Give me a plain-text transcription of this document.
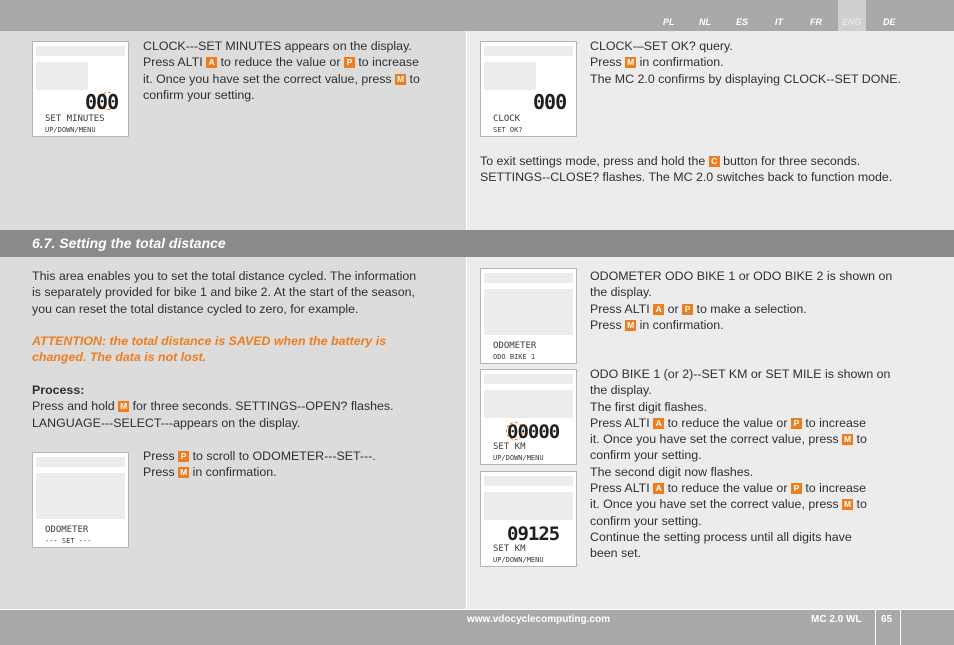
PL	NL	ES	IT	FR ENG DE
000
SET MINUTES
UP/DOWN/MENU
CLOCK---SET MINUTES appears on the display.
Press ALTI A to reduce the value or P to increase
it. Once you have set the correct value, press M to
confirm your setting.	000
CLOCK
SET OK?
CLOCK-–SET OK? query.
Press M in confirmation.
The MC 2.0 confirms by displaying CLOCK--SET DONE.
To exit settings mode, press and hold the C button for three seconds.
SETTINGS--CLOSE? flashes. The MC 2.0 switches back to function mode.
6.7. Setting the total distance
This area enables you to set the total distance cycled. The information
is separately provided for bike 1 and bike 2. At the start of the season,
you can reset the total distance cycled to zero, for example.
ATTENTION: the total distance is SAVED when the battery is
changed. The data is not lost.
Process:
Press and hold M for three seconds. SETTINGS--OPEN? flashes.
LANGUAGE---SELECT---appears on the display.
ODOMETER
--- SET ---
Press P to scroll to ODOMETER---SET---.
Press M in confirmation.
ODOMETER
ODO BIKE 1
00000
SET KM
UP/DOWN/MENU
09125
SET KM
UP/DOWN/MENU
ODOMETER ODO BIKE 1 or ODO BIKE 2 is shown on
the display.
Press ALTI A or P to make a selection.
Press M in confirmation.
ODO BIKE 1 (or 2)--SET KM or SET MILE is shown on
the display.
The first digit flashes.
Press ALTI A to reduce the value or P to increase
it. Once you have set the correct value, press M to
confirm your setting.
The second digit now flashes.
Press ALTI A to reduce the value or P to increase
it. Once you have set the correct value, press M to
confirm your setting.
Continue the setting process until all digits have
been set.
www.vdocyclecomputing.com	MC 2.0 WL 65
